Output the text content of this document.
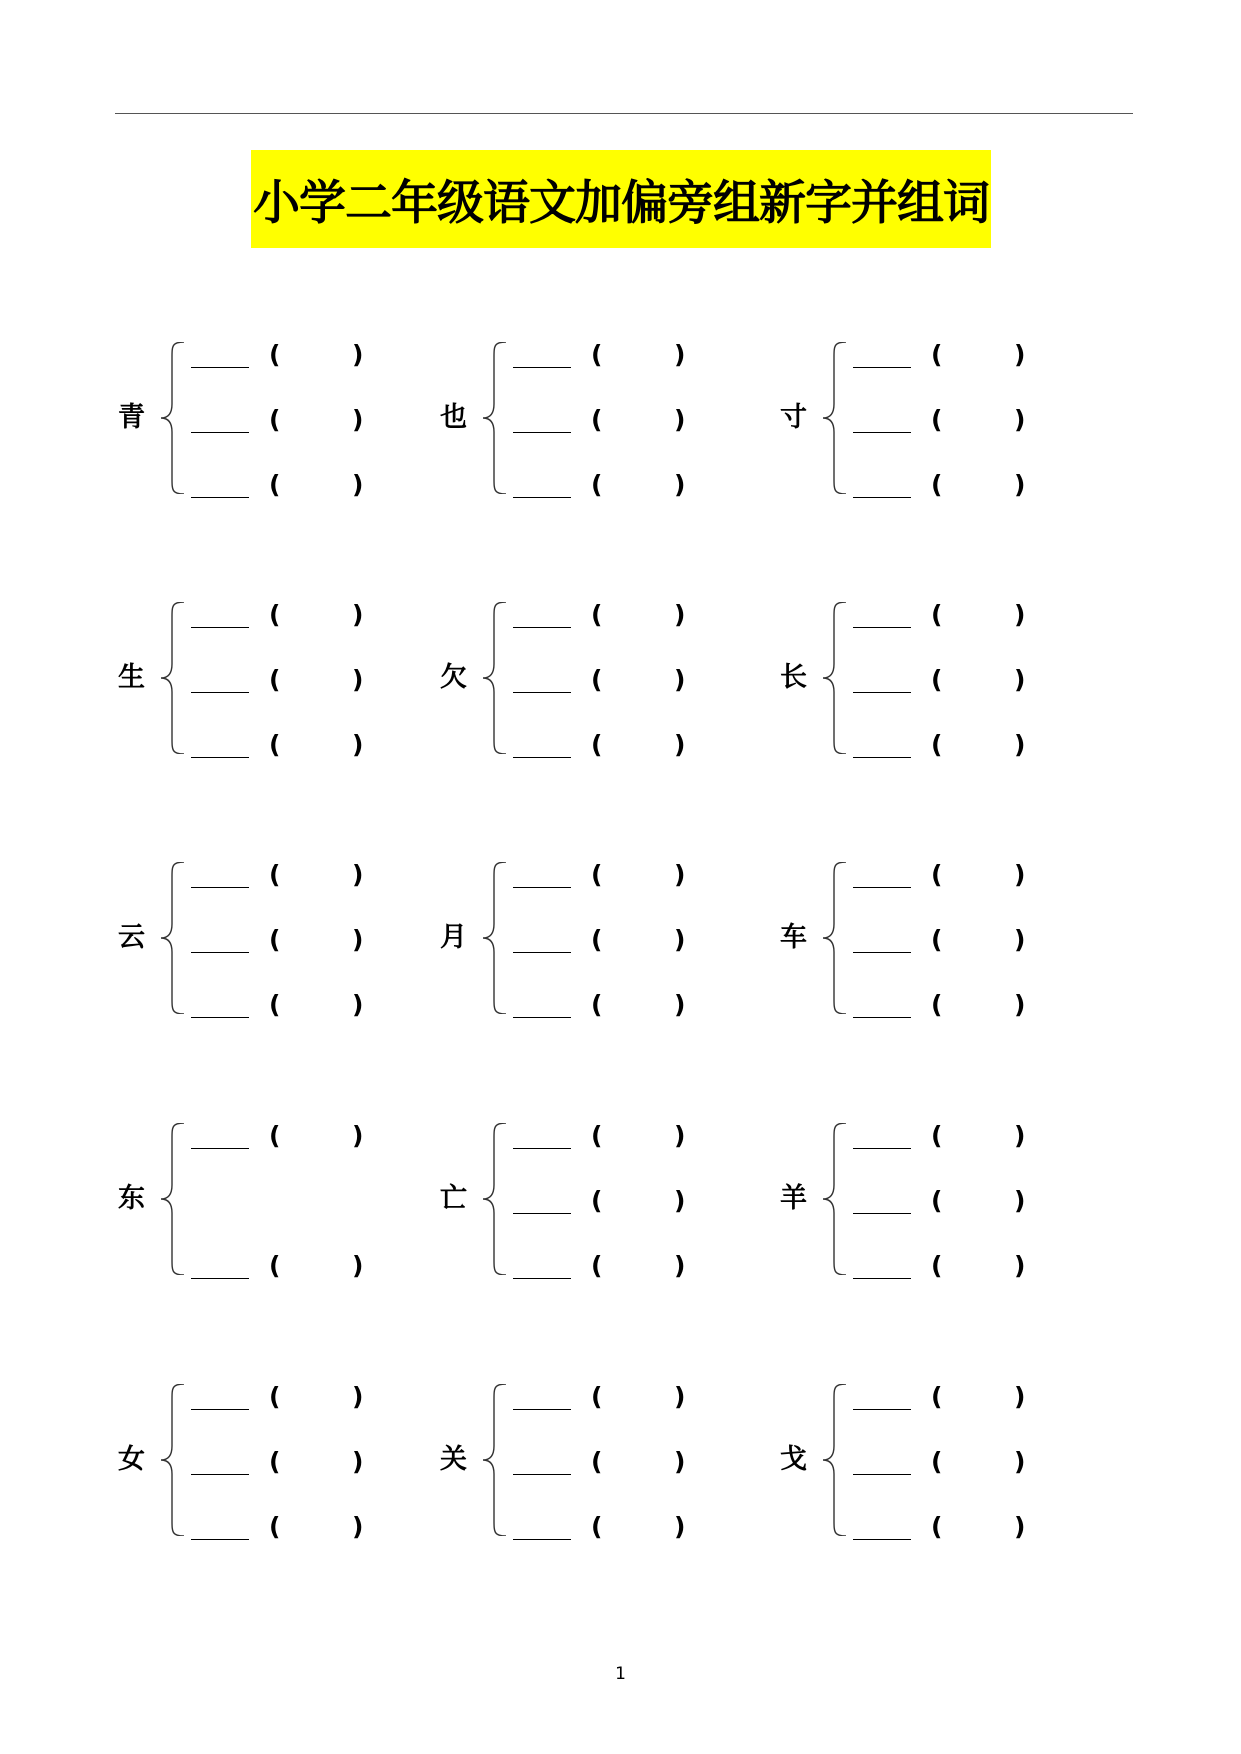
小学二年级语文加偏旁组新字并组词
青
(	)
(	)
(	)
也
(	)
(	)
(	)
寸
(	)
(	)
(	)
生
(	)
(	)
(	)
欠
(	)
(	)
(	)
长
(	)
(	)
(	)
云
(	)
(	)
(	)
月
(	)
(	)
(	)
车
(	)
(	)
(	)
东
(	)
(	)
亡
(	)
(	)
(	)
羊
(	)
(	)
(	)
女
(	)
(	)
(	)
关
(	)
(	)
(	)
戈
(	)
(	)
(	)
1
